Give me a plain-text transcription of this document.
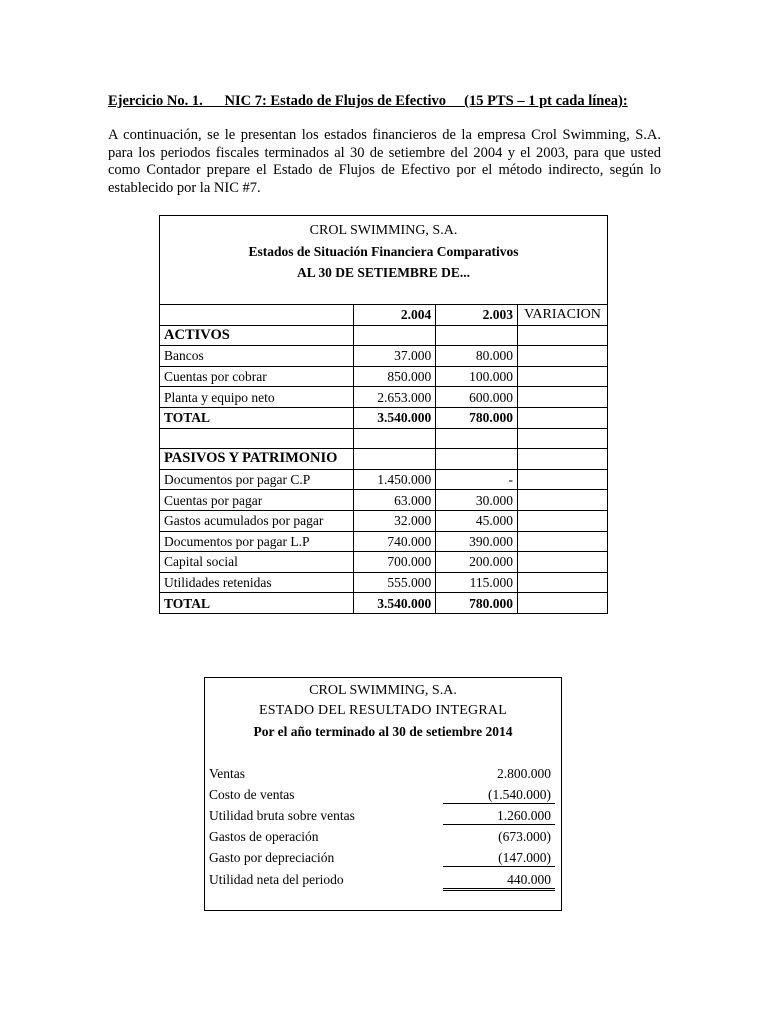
Ejercicio No. 1.      NIC 7: Estado de Flujos de Efectivo     (15 PTS – 1 pt cada línea):
A continuación, se le presentan los estados financieros de la empresa Crol Swimming, S.A.
para los periodos fiscales terminados al 30 de setiembre del 2004 y el 2003, para que usted
como Contador prepare el Estado de Flujos de Efectivo por el método indirecto, según lo
establecido por la NIC #7.
CROL SWIMMING, S.A.
Estados de Situación Financiera Comparativos
AL 30 DE SETIEMBRE DE...			

	2.004	2.003	VARIACION
ACTIVOS			
Bancos	37.000	80.000	
Cuentas por cobrar	850.000	100.000	
Planta y equipo neto	2.653.000	600.000	
TOTAL	3.540.000	780.000	

PASIVOS Y PATRIMONIO			
Documentos por pagar C.P	1.450.000	-	
Cuentas por pagar	63.000	30.000	
Gastos acumulados por pagar	32.000	45.000	
Documentos por pagar L.P	740.000	390.000	
Capital social	700.000	200.000	
Utilidades retenidas	555.000	115.000	
TOTAL	3.540.000	780.000	
CROL SWIMMING, S.A.
ESTADO DEL RESULTADO INTEGRAL
Por el año terminado al 30 de setiembre 2014
Ventas	2.800.000
Costo de ventas	(1.540.000)
Utilidad bruta sobre ventas	1.260.000
Gastos de operación	(673.000)
Gasto por depreciación	(147.000)
Utilidad neta del periodo	440.000
